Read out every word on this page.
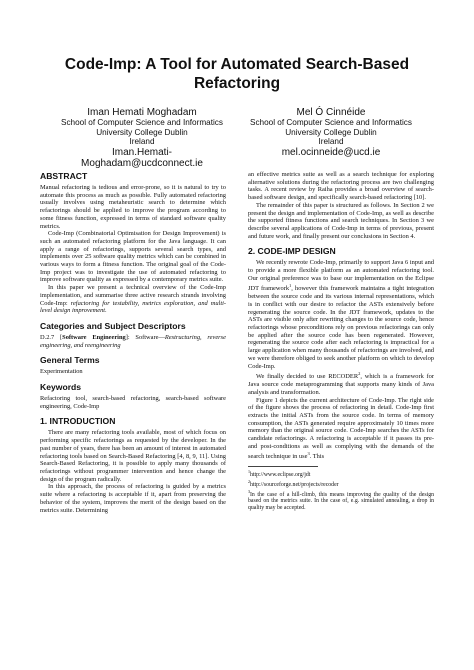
Code-Imp: A Tool for Automated Search-Based Refactoring
Iman Hemati Moghadam
School of Computer Science and Informatics
University College Dublin
Ireland
Iman.Hemati-
Moghadam@ucdconnect.ie
Mel Ó Cinnéide
School of Computer Science and Informatics
University College Dublin
Ireland
mel.ocinneide@ucd.ie
ABSTRACT

Manual refactoring is tedious and error-prone, so it is natural to try to automate this process as much as possible. Fully automated refactoring usually involves using metaheuristic search to determine which refactorings should be applied to improve the program according to some fitness function, expressed in terms of standard software quality metrics.

Code-Imp (Combinatorial Optimisation for Design Improvement) is such an automated refactoring platform for the Java language. It can apply a range of refactorings, supports several search types, and implements over 25 software quality metrics which can be combined in various ways to form a fitness function. The original goal of the Code-Imp project was to investigate the use of automated refactoring to improve software quality as expressed by a contemporary metrics suite.

In this paper we present a technical overview of the Code-Imp implementation, and summarise three active research strands involving Code-Imp: refactoring for testability, metrics exploration, and multi-level design improvement.

Categories and Subject Descriptors

D.2.7 [Software Engineering]: Software—Restructuring, reverse engineering, and reengineering

General Terms

Experimentation

Keywords

Refactoring tool, search-based refactoring, search-based software engineering, Code-Imp

1. INTRODUCTION

There are many refactoring tools available, most of which focus on performing specific refactorings as requested by the developer. In the past number of years, there has been an amount of interest in automated refactoring tools based on Search-Based Refactoring [4, 8, 9, 11]. Using Search-Based Refactoring, it is possible to apply many thousands of refactorings without programmer intervention and hence change the design of the program radically.

In this approach, the process of refactoring is guided by a metrics suite where a refactoring is acceptable if it, apart from preserving the behavior of the system, improves the merit of the design based on the metrics suite. Determining

an effective metrics suite as well as a search technique for exploring alternative solutions during the refactoring process are two challenging tasks. A recent review by Raiha provides a broad overview of search-based software design, and specifically search-based refactoring [10].

The remainder of this paper is structured as follows. In Section 2 we present the design and implementation of Code-Imp, as well as describe the supported fitness functions and search techniques. In Section 3 we describe several applications of Code-Imp in terms of previous, present and future work, and finally present our conclusions in Section 4.

2. CODE-IMP DESIGN

We recently rewrote Code-Imp, primarily to support Java 6 input and to provide a more flexible platform as an automated refactoring tool. Our original preference was to base our implementation on the Eclipse JDT framework$^1$, however this framework maintains a tight integration between the source code and its various internal representations, which is in conflict with our desire to refactor the ASTs extensively before regenerating the source code. In the JDT framework, updates to the ASTs are visible only after rewriting changes to the source code, hence refactorings whose preconditions rely on previous refactorings can only be applied after the source code has been regenerated. However, regenerating the source code after each refactoring is impractical for a large application when many thousands of refactorings are involved, and we were therefore obliged to seek another platform on which to develop Code-Imp.

We finally decided to use RECODER$^2$, which is a framework for Java source code metaprogramming that supports many kinds of Java analysis and transformation.

Figure 1 depicts the current architecture of Code-Imp. The right side of the figure shows the process of refactoring in detail. Code-Imp first extracts the initial ASTs from the source code. In terms of memory consumption, the ASTs generated require approximately 10 times more memory than the original source code. Code-Imp searches the ASTs for candidate refactorings. A refactoring is acceptable if it passes its pre- and post-conditions as well as complying with the demands of the search technique in use$^3$. This

$^1$http://www.eclipse.org/jdt

$^2$http://sourceforge.net/projects/recoder

$^3$In the case of a hill-climb, this means improving the quality of the design based on the metrics suite. In the case of, e.g. simulated annealing, a drop in quality may be accepted.
